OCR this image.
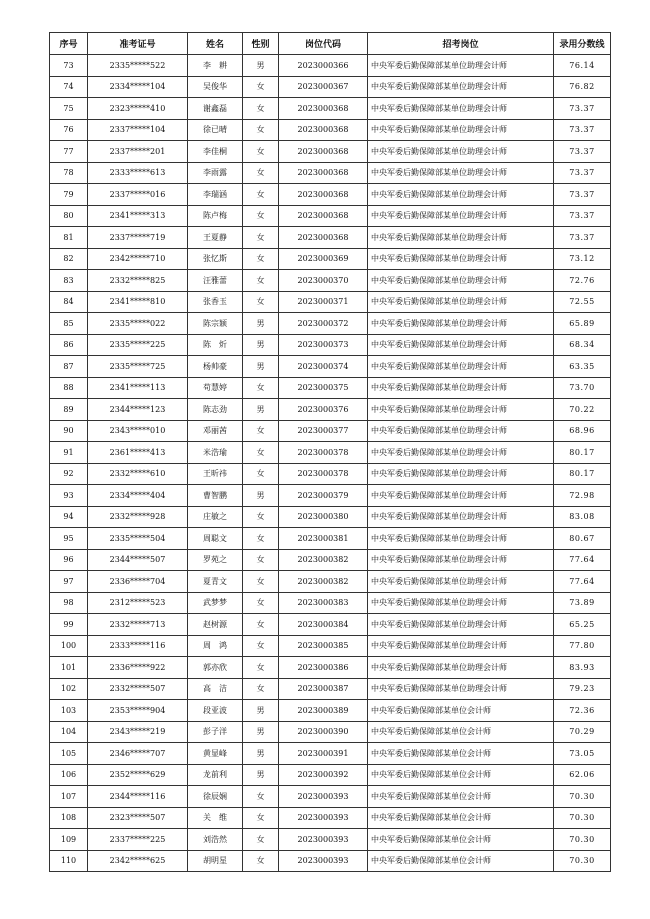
序号	准考证号	姓名	性别	岗位代码	招考岗位	录用分数线
73	2335*****522	李　耕	男	2023000366	中央军委后勤保障部某单位助理会计师	76.14
74	2334*****104	吴俊华	女	2023000367	中央军委后勤保障部某单位助理会计师	76.82
75	2323*****410	谢鑫磊	女	2023000368	中央军委后勤保障部某单位助理会计师	73.37
76	2337*****104	徐已晴	女	2023000368	中央军委后勤保障部某单位助理会计师	73.37
77	2337*****201	李佳桐	女	2023000368	中央军委后勤保障部某单位助理会计师	73.37
78	2333*****613	李雨露	女	2023000368	中央军委后勤保障部某单位助理会计师	73.37
79	2337*****016	李瑞涵	女	2023000368	中央军委后勤保障部某单位助理会计师	73.37
80	2341*****313	陈卢梅	女	2023000368	中央军委后勤保障部某单位助理会计师	73.37
81	2337*****719	王夏静	女	2023000368	中央军委后勤保障部某单位助理会计师	73.37
82	2342*****710	张忆斯	女	2023000369	中央军委后勤保障部某单位助理会计师	73.12
83	2332*****825	汪雅蕾	女	2023000370	中央军委后勤保障部某单位助理会计师	72.76
84	2341*****810	张香玉	女	2023000371	中央军委后勤保障部某单位助理会计师	72.55
85	2335*****022	陈宗颖	男	2023000372	中央军委后勤保障部某单位助理会计师	65.89
86	2335*****225	陈　炘	男	2023000373	中央军委后勤保障部某单位助理会计师	68.34
87	2335*****725	杨帅豪	男	2023000374	中央军委后勤保障部某单位助理会计师	63.35
88	2341*****113	苟慧婷	女	2023000375	中央军委后勤保障部某单位助理会计师	73.70
89	2344*****123	陈志劲	男	2023000376	中央军委后勤保障部某单位助理会计师	70.22
90	2343*****010	邓丽茜	女	2023000377	中央军委后勤保障部某单位助理会计师	68.96
91	2361*****413	米浩瑜	女	2023000378	中央军委后勤保障部某单位助理会计师	80.17
92	2332*****610	王昕祎	女	2023000378	中央军委后勤保障部某单位助理会计师	80.17
93	2334*****404	曹智鹏	男	2023000379	中央军委后勤保障部某单位助理会计师	72.98
94	2332*****928	庄敏之	女	2023000380	中央军委后勤保障部某单位助理会计师	83.08
95	2335*****504	周聪文	女	2023000381	中央军委后勤保障部某单位助理会计师	80.67
96	2344*****507	罗苑之	女	2023000382	中央军委后勤保障部某单位助理会计师	77.64
97	2336*****704	夏青文	女	2023000382	中央军委后勤保障部某单位助理会计师	77.64
98	2312*****523	武梦梦	女	2023000383	中央军委后勤保障部某单位助理会计师	73.89
99	2332*****713	赵树源	女	2023000384	中央军委后勤保障部某单位助理会计师	65.25
100	2333*****116	周　鸿	女	2023000385	中央军委后勤保障部某单位助理会计师	77.80
101	2336*****922	郭亦欣	女	2023000386	中央军委后勤保障部某单位助理会计师	83.93
102	2332*****507	高　洁	女	2023000387	中央军委后勤保障部某单位助理会计师	79.23
103	2353*****904	段亚波	男	2023000389	中央军委后勤保障部某单位会计师	72.36
104	2343*****219	彭子洋	男	2023000390	中央军委后勤保障部某单位会计师	70.29
105	2346*****707	黄显峰	男	2023000391	中央军委后勤保障部某单位会计师	73.05
106	2352*****629	龙前利	男	2023000392	中央军委后勤保障部某单位会计师	62.06
107	2344*****116	徐辰娴	女	2023000393	中央军委后勤保障部某单位会计师	70.30
108	2323*****507	关　维	女	2023000393	中央军委后勤保障部某单位会计师	70.30
109	2337*****225	刘浩然	女	2023000393	中央军委后勤保障部某单位会计师	70.30
110	2342*****625	胡明星	女	2023000393	中央军委后勤保障部某单位会计师	70.30
